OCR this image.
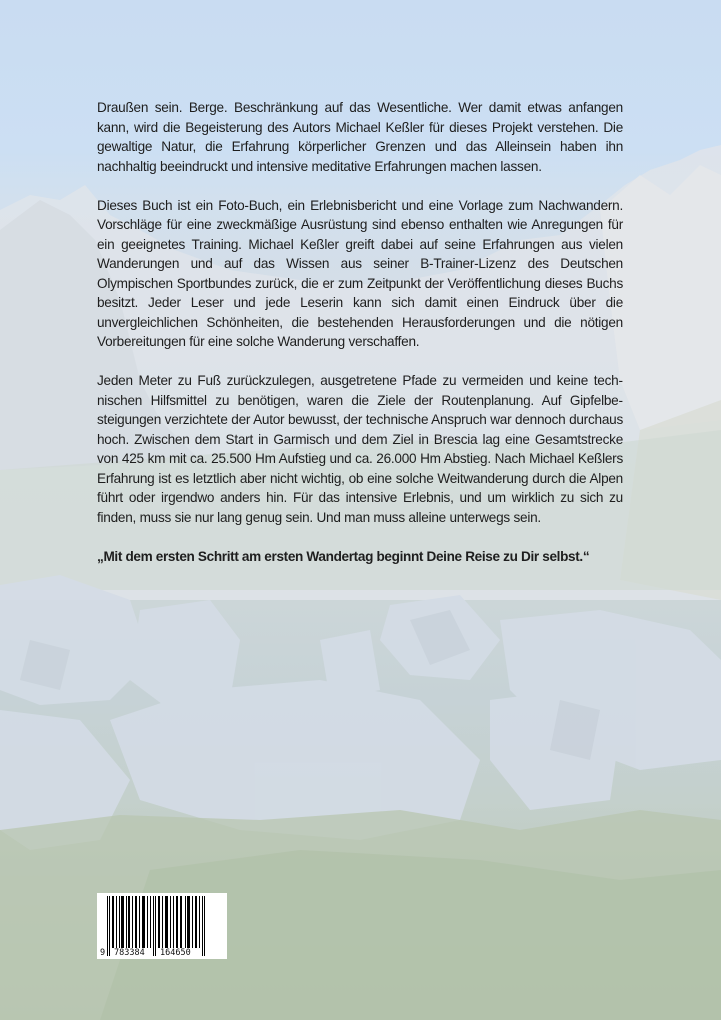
Draußen sein. Berge. Beschränkung auf das Wesentliche. Wer damit etwas anfangen kann, wird die Begeisterung des Autors Michael Keßler für dieses Projekt verstehen. Die gewaltige Natur, die Erfahrung körperlicher Grenzen und das Alleinsein haben ihn nachhaltig beeindruckt und intensive meditative Erfahrungen machen lassen.

Dieses Buch ist ein Foto-Buch, ein Erlebnisbericht und eine Vorlage zum Nachwandern. Vorschläge für eine zweckmäßige Ausrüstung sind ebenso enthalten wie Anregungen für ein geeignetes Training. Michael Keßler greift dabei auf seine Erfahrungen aus vielen Wanderungen und auf das Wissen aus seiner B-Trainer-Lizenz des Deutschen Olympischen Sportbundes zurück, die er zum Zeitpunkt der Veröffentlichung dieses Buchs besitzt. Jeder Leser und jede Leserin kann sich damit einen Eindruck über die unvergleichlichen Schönheiten, die bestehenden Herausforderungen und die nötigen Vorbereitungen für eine solche Wanderung verschaffen.

Jeden Meter zu Fuß zurückzulegen, ausgetretene Pfade zu vermeiden und keine technischen Hilfsmittel zu benötigen, waren die Ziele der Routenplanung. Auf Gipfelbesteigungen verzichtete der Autor bewusst, der technische Anspruch war dennoch durchaus hoch. Zwischen dem Start in Garmisch und dem Ziel in Brescia lag eine Gesamtstrecke von 425 km mit ca. 25.500 Hm Aufstieg und ca. 26.000 Hm Abstieg. Nach Michael Keßlers Erfahrung ist es letztlich aber nicht wichtig, ob eine solche Weitwanderung durch die Alpen führt oder irgendwo anders hin. Für das intensive Erlebnis, und um wirklich zu sich zu finden, muss sie nur lang genug sein. Und man muss alleine unterwegs sein.

„Mit dem ersten Schritt am ersten Wandertag beginnt Deine Reise zu Dir selbst.“

9 783384 164650
